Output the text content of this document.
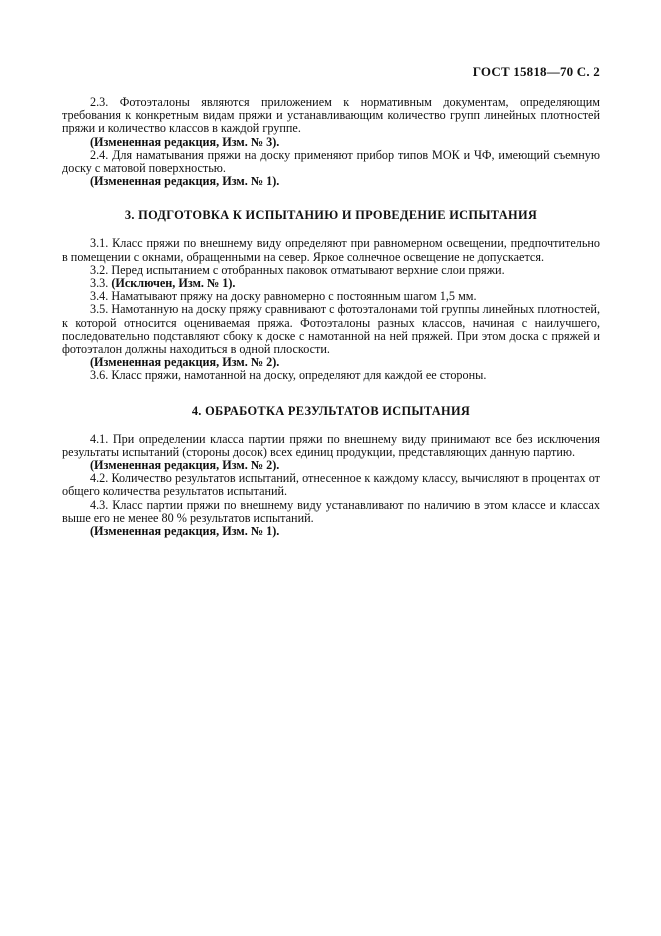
ГОСТ 15818—70 С. 2

2.3. Фотоэталоны являются приложением к нормативным документам, определяющим требования к конкретным видам пряжи и устанавливающим количество групп линейных плотностей пряжи и количество классов в каждой группе.

(Измененная редакция, Изм. № 3).

2.4. Для наматывания пряжи на доску применяют прибор типов МОК и ЧФ, имеющий съемную доску с матовой поверхностью.

(Измененная редакция, Изм. № 1).

3. ПОДГОТОВКА К ИСПЫТАНИЮ И ПРОВЕДЕНИЕ ИСПЫТАНИЯ

3.1. Класс пряжи по внешнему виду определяют при равномерном освещении, предпочтительно в помещении с окнами, обращенными на север. Яркое солнечное освещение не допускается.

3.2. Перед испытанием с отобранных паковок отматывают верхние слои пряжи.

3.3. (Исключен, Изм. № 1).

3.4. Наматывают пряжу на доску равномерно с постоянным шагом 1,5 мм.

3.5. Намотанную на доску пряжу сравнивают с фотоэталонами той группы линейных плотностей, к которой относится оцениваемая пряжа. Фотоэталоны разных классов, начиная с наилучшего, последовательно подставляют сбоку к доске с намотанной на ней пряжей. При этом доска с пряжей и фотоэталон должны находиться в одной плоскости.

(Измененная редакция, Изм. № 2).

3.6. Класс пряжи, намотанной на доску, определяют для каждой ее стороны.

4. ОБРАБОТКА РЕЗУЛЬТАТОВ ИСПЫТАНИЯ

4.1. При определении класса партии пряжи по внешнему виду принимают все без исключения результаты испытаний (стороны досок) всех единиц продукции, представляющих данную партию.

(Измененная редакция, Изм. № 2).

4.2. Количество результатов испытаний, отнесенное к каждому классу, вычисляют в процентах от общего количества результатов испытаний.

4.3. Класс партии пряжи по внешнему виду устанавливают по наличию в этом классе и классах выше его не менее 80 % результатов испытаний.

(Измененная редакция, Изм. № 1).
